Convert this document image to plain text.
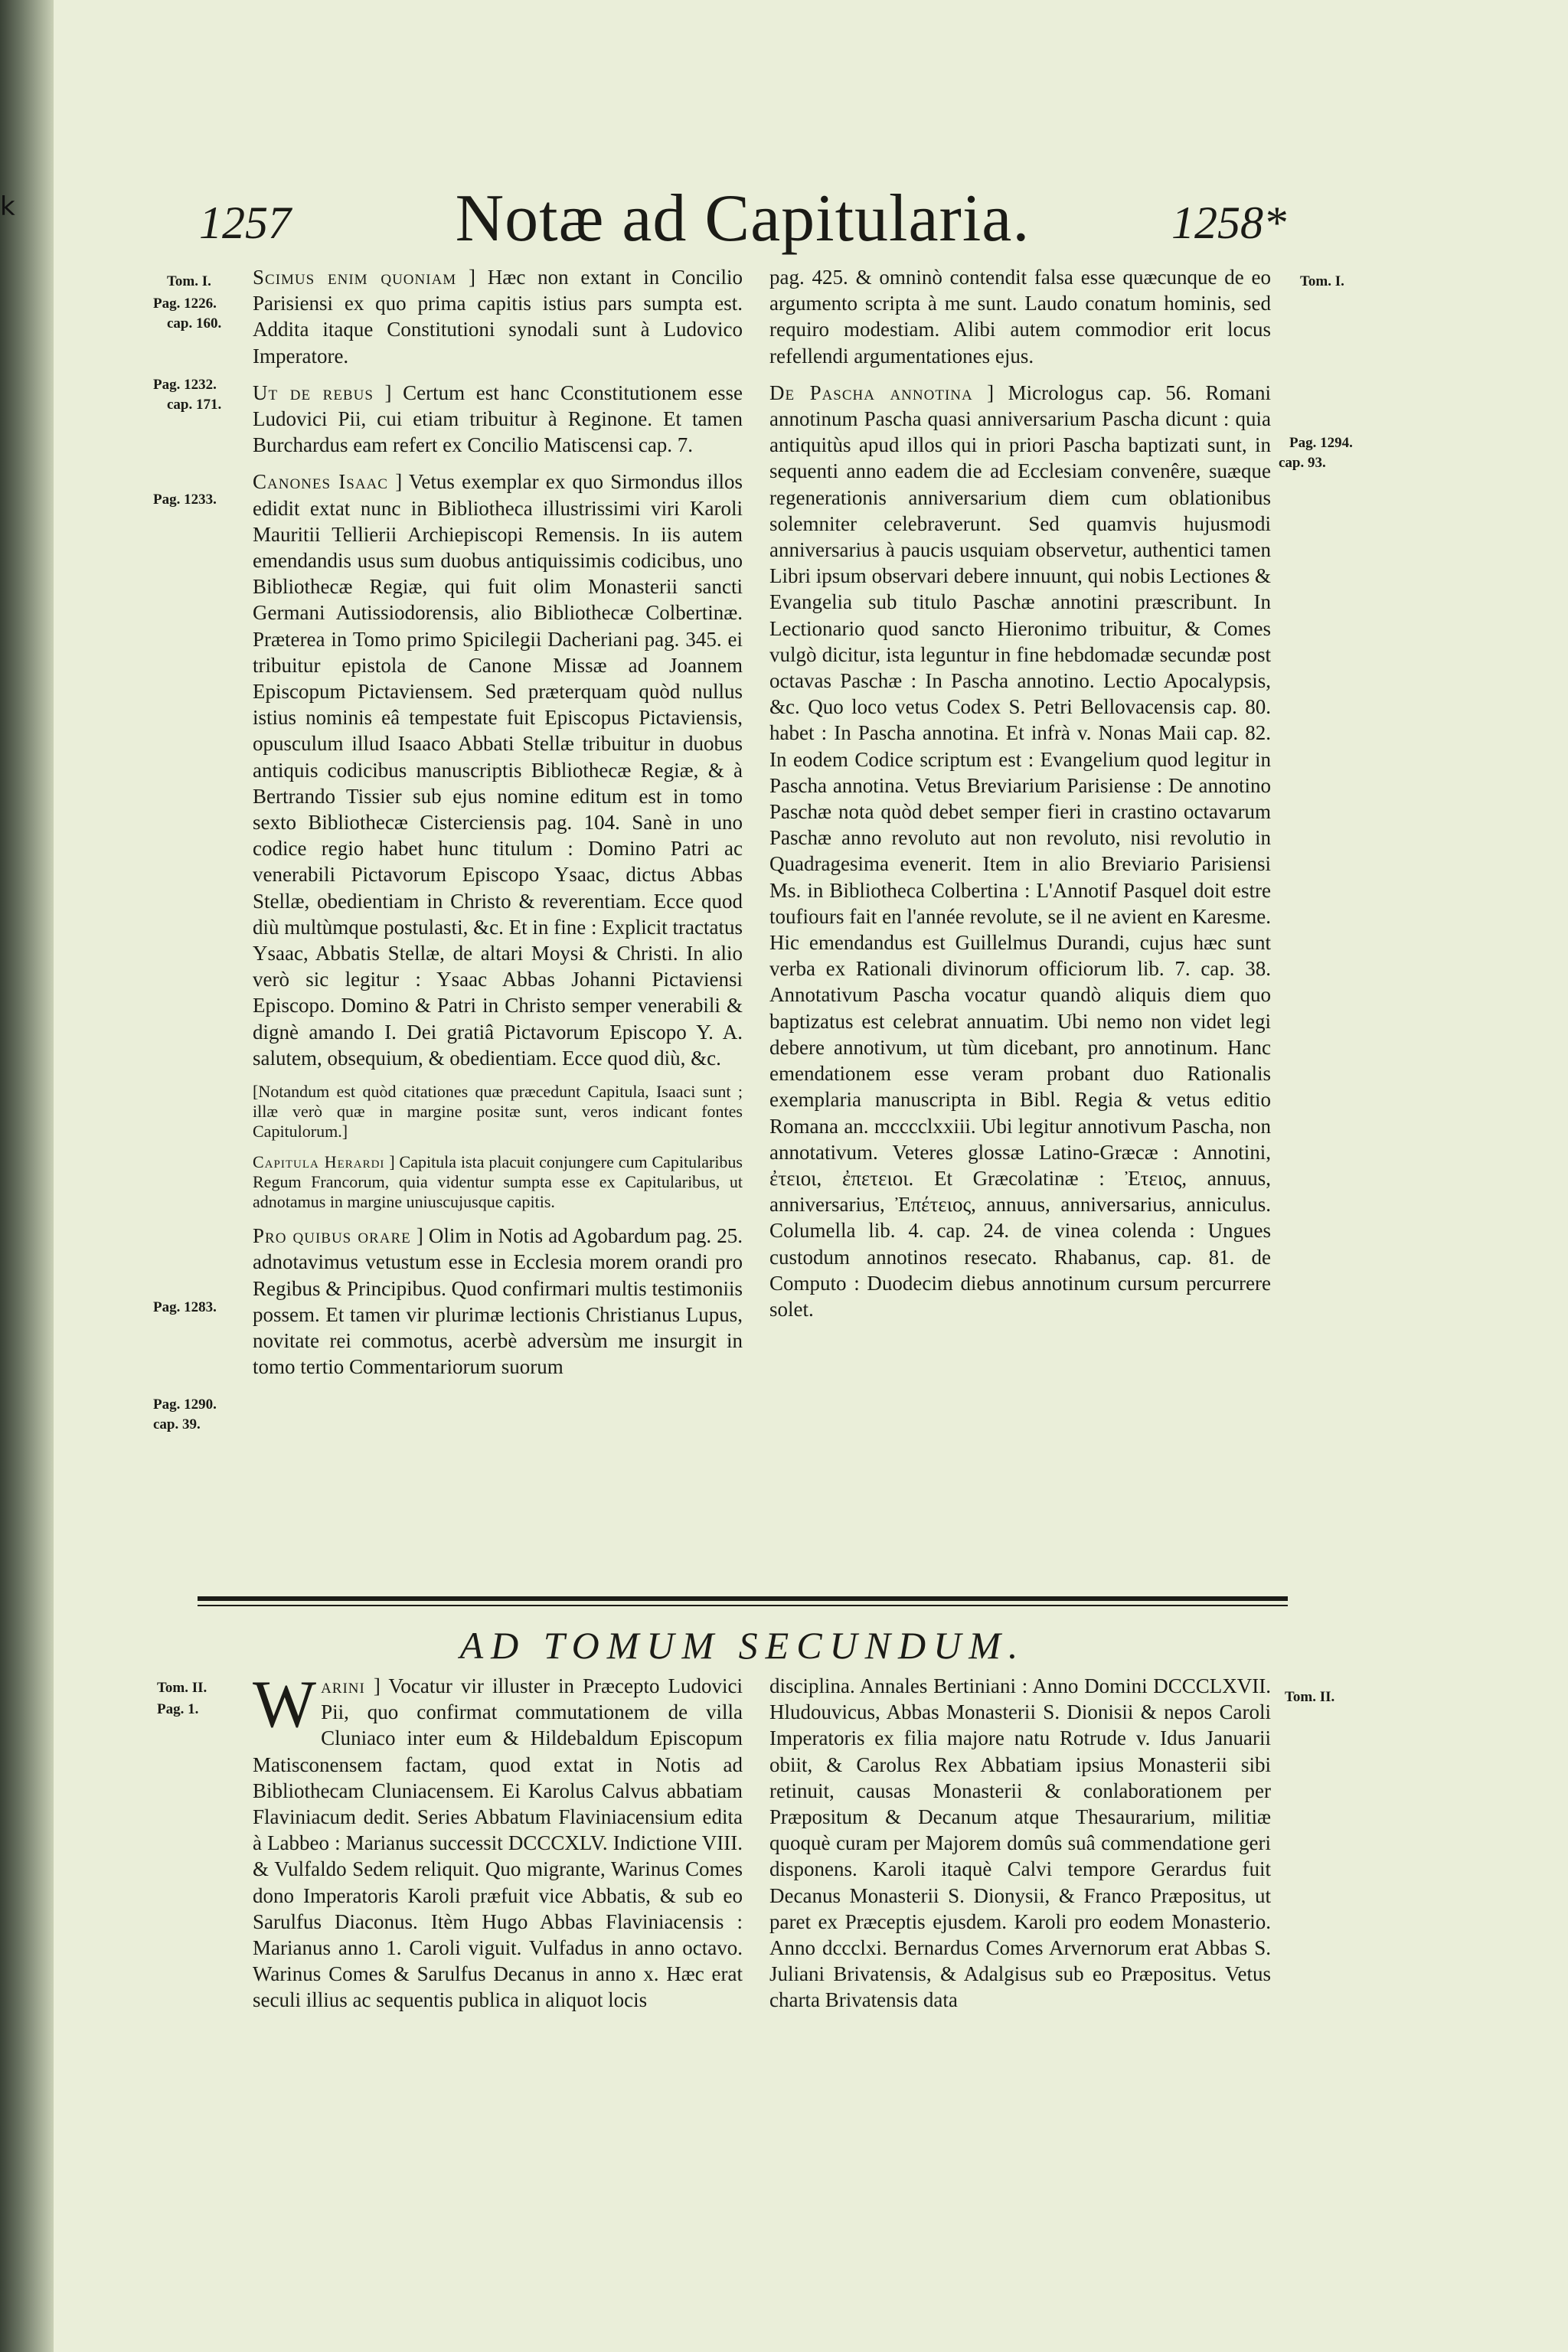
k	1257	Notæ ad Capitularia.	1258*
Tom. I.
Pag. 1226.
cap. 160.
Pag. 1232.
cap. 171.
Pag. 1233.
Pag. 1283.
Pag. 1290.
cap. 39.
Tom. I.
Pag. 1294.
cap. 93.

Scimus enim quoniam ] Hæc non extant in Concilio Parisiensi ex quo prima capitis istius pars sumpta est. Addita itaque Constitutioni synodali sunt à Ludovico Imperatore.

Ut de rebus ] Certum est hanc Cconstitutionem esse Ludovici Pii, cui etiam tribuitur à Reginone. Et tamen Burchardus eam refert ex Concilio Matiscensi cap. 7.

Canones Isaac ] Vetus exemplar ex quo Sirmondus illos edidit extat nunc in Bibliotheca illustrissimi viri Karoli Mauritii Tellierii Archiepiscopi Remensis. In iis autem emendandis usus sum duobus antiquissimis codicibus, uno Bibliothecæ Regiæ, qui fuit olim Monasterii sancti Germani Autissiodorensis, alio Bibliothecæ Colbertinæ. Præterea in Tomo primo Spicilegii Dacheriani pag. 345. ei tribuitur epistola de Canone Missæ ad Joannem Episcopum Pictaviensem. Sed præterquam quòd nullus istius nominis eâ tempestate fuit Episcopus Pictaviensis, opusculum illud Isaaco Abbati Stellæ tribuitur in duobus antiquis codicibus manuscriptis Bibliothecæ Regiæ, & à Bertrando Tissier sub ejus nomine editum est in tomo sexto Bibliothecæ Cisterciensis pag. 104. Sanè in uno codice regio habet hunc titulum : Domino Patri ac venerabili Pictavorum Episcopo Ysaac, dictus Abbas Stellæ, obedientiam in Christo & reverentiam. Ecce quod diù multùmque postulasti, &c. Et in fine : Explicit tractatus Ysaac, Abbatis Stellæ, de altari Moysi & Christi. In alio verò sic legitur : Ysaac Abbas Johanni Pictaviensi Episcopo. Domino & Patri in Christo semper venerabili & dignè amando I. Dei gratiâ Pictavorum Episcopo Y. A. salutem, obsequium, & obedientiam. Ecce quod diù, &c.

[Notandum est quòd citationes quæ præcedunt Capitula, Isaaci sunt ; illæ verò quæ in margine positæ sunt, veros indicant fontes Capitulorum.]

Capitula Herardi ] Capitula ista placuit conjungere cum Capitularibus Regum Francorum, quia videntur sumpta esse ex Capitularibus, ut adnotamus in margine uniuscujusque capitis.

Pro quibus orare ] Olim in Notis ad Agobardum pag. 25. adnotavimus vetustum esse in Ecclesia morem orandi pro Regibus & Principibus. Quod confirmari multis testimoniis possem. Et tamen vir plurimæ lectionis Christianus Lupus, novitate rei commotus, acerbè adversùm me insurgit in tomo tertio Commentariorum suorum

pag. 425. & omninò contendit falsa esse quæcunque de eo argumento scripta à me sunt. Laudo conatum hominis, sed requiro modestiam. Alibi autem commodior erit locus refellendi argumentationes ejus.

De Pascha annotina ] Micrologus cap. 56. Romani annotinum Pascha quasi anniversarium Pascha dicunt : quia antiquitùs apud illos qui in priori Pascha baptizati sunt, in sequenti anno eadem die ad Ecclesiam convenêre, suæque regenerationis anniversarium diem cum oblationibus solemniter celebraverunt. Sed quamvis hujusmodi anniversarius à paucis usquiam observetur, authentici tamen Libri ipsum observari debere innuunt, qui nobis Lectiones & Evangelia sub titulo Paschæ annotini præscribunt. In Lectionario quod sancto Hieronimo tribuitur, & Comes vulgò dicitur, ista leguntur in fine hebdomadæ secundæ post octavas Paschæ : In Pascha annotino. Lectio Apocalypsis, &c. Quo loco vetus Codex S. Petri Bellovacensis cap. 80. habet : In Pascha annotina. Et infrà v. Nonas Maii cap. 82. In eodem Codice scriptum est : Evangelium quod legitur in Pascha annotina. Vetus Breviarium Parisiense : De annotino Paschæ nota quòd debet semper fieri in crastino octavarum Paschæ anno revoluto aut non revoluto, nisi revolutio in Quadragesima evenerit. Item in alio Breviario Parisiensi Ms. in Bibliotheca Colbertina : L'Annotif Pasquel doit estre toufiours fait en l'année revolute, se il ne avient en Karesme. Hic emendandus est Guillelmus Durandi, cujus hæc sunt verba ex Rationali divinorum officiorum lib. 7. cap. 38. Annotativum Pascha vocatur quandò aliquis diem quo baptizatus est celebrat annuatim. Ubi nemo non videt legi debere annotivum, ut tùm dicebant, pro annotinum. Hanc emendationem esse veram probant duo Rationalis exemplaria manuscripta in Bibl. Regia & vetus editio Romana an. mcccclxxiii. Ubi legitur annotivum Pascha, non annotativum. Veteres glossæ Latino-Græcæ : Annotini, ἐτειοι, ἐπετειοι. Et Græcolatinæ : Ἐτειος, annuus, anniversarius, Ἐπέτειος, annuus, anniversarius, anniculus. Columella lib. 4. cap. 24. de vinea colenda : Ungues custodum annotinos resecato. Rhabanus, cap. 81. de Computo : Duodecim diebus annotinum cursum percurrere solet.

AD TOMUM SECUNDUM.
Tom. II.
Pag. 1.
Tom. II.

Warini ] Vocatur vir illuster in Præcepto Ludovici Pii, quo confirmat commutationem de villa Cluniaco inter eum & Hildebaldum Episcopum Matisconensem factam, quod extat in Notis ad Bibliothecam Cluniacensem. Ei Karolus Calvus abbatiam Flaviniacum dedit. Series Abbatum Flaviniacensium edita à Labbeo : Marianus successit DCCCXLV. Indictione VIII. & Vulfaldo Sedem reliquit. Quo migrante, Warinus Comes dono Imperatoris Karoli præfuit vice Abbatis, & sub eo Sarulfus Diaconus. Itèm Hugo Abbas Flaviniacensis : Marianus anno 1. Caroli viguit. Vulfadus in anno octavo. Warinus Comes & Sarulfus Decanus in anno x. Hæc erat seculi illius ac sequentis publica in aliquot locis

disciplina. Annales Bertiniani : Anno Domini DCCCLXVII. Hludouvicus, Abbas Monasterii S. Dionisii & nepos Caroli Imperatoris ex filia majore natu Rotrude v. Idus Januarii obiit, & Carolus Rex Abbatiam ipsius Monasterii sibi retinuit, causas Monasterii & conlaborationem per Præpositum & Decanum atque Thesaurarium, militiæ quoquè curam per Majorem domûs suâ commendatione geri disponens. Karoli itaquè Calvi tempore Gerardus fuit Decanus Monasterii S. Dionysii, & Franco Præpositus, ut paret ex Præceptis ejusdem. Karoli pro eodem Monasterio. Anno dccclxi. Bernardus Comes Arvernorum erat Abbas S. Juliani Brivatensis, & Adalgisus sub eo Præpositus. Vetus charta Brivatensis data
